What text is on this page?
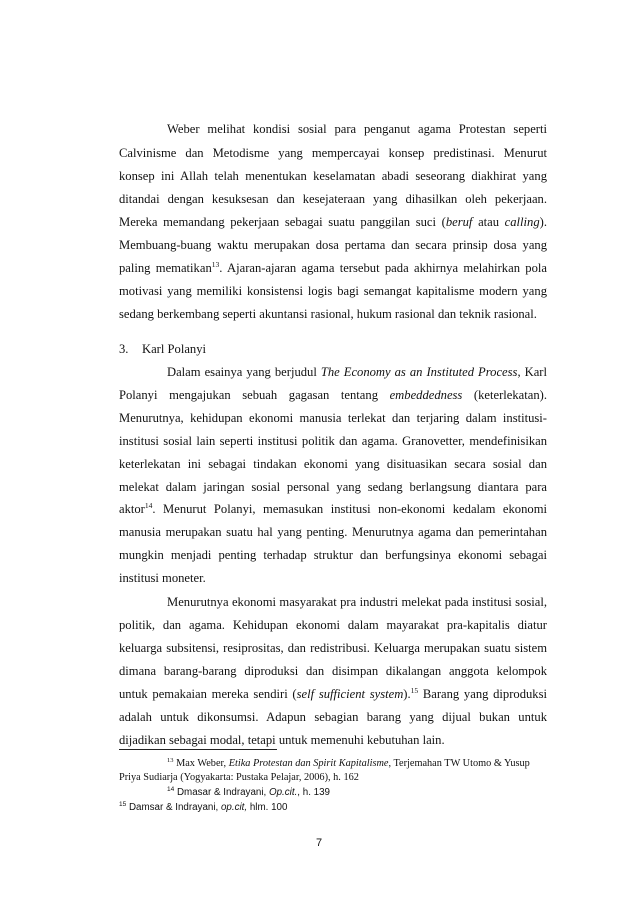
Weber melihat kondisi sosial para penganut agama Protestan seperti
Calvinisme dan Metodisme yang mempercayai konsep predistinasi. Menurut
konsep ini Allah telah menentukan keselamatan abadi seseorang diakhirat yang
ditandai dengan kesuksesan dan kesejateraan yang dihasilkan oleh pekerjaan.
Mereka memandang pekerjaan sebagai suatu panggilan suci (beruf atau calling).
Membuang-buang waktu merupakan dosa pertama dan secara prinsip dosa yang
paling mematikan$^{13}$. Ajaran-ajaran agama tersebut pada akhirnya melahirkan pola
motivasi yang memiliki konsistensi logis bagi semangat kapitalisme modern yang
sedang berkembang seperti akuntansi rasional, hukum rasional dan teknik rasional.
3. Karl Polanyi
Dalam esainya yang berjudul The Economy as an Instituted Process, Karl
Polanyi mengajukan sebuah gagasan tentang embeddedness (keterlekatan).
Menurutnya, kehidupan ekonomi manusia terlekat dan terjaring dalam institusi-
institusi sosial lain seperti institusi politik dan agama. Granovetter, mendefinisikan
keterlekatan ini sebagai tindakan ekonomi yang disituasikan secara sosial dan
melekat dalam jaringan sosial personal yang sedang berlangsung diantara para
aktor$^{14}$. Menurut Polanyi, memasukan institusi non-ekonomi kedalam ekonomi
manusia merupakan suatu hal yang penting. Menurutnya agama dan pemerintahan
mungkin menjadi penting terhadap struktur dan berfungsinya ekonomi sebagai
institusi moneter.
Menurutnya ekonomi masyarakat pra industri melekat pada institusi sosial,
politik, dan agama. Kehidupan ekonomi dalam mayarakat pra-kapitalis diatur
keluarga subsitensi, resiprositas, dan redistribusi. Keluarga merupakan suatu sistem
dimana barang-barang diproduksi dan disimpan dikalangan anggota kelompok
untuk pemakaian mereka sendiri (self sufficient system).$^{15}$ Barang yang diproduksi
adalah untuk dikonsumsi. Adapun sebagian barang yang dijual bukan untuk
dijadikan sebagai modal, tetapi untuk memenuhi kebutuhan lain.
$^{13}$ Max Weber, Etika Protestan dan Spirit Kapitalisme, Terjemahan TW Utomo & Yusup
Priya Sudiarja (Yogyakarta: Pustaka Pelajar, 2006), h. 162
$^{14}$ Dmasar & Indrayani, Op.cit., h. 139
$^{15}$ Damsar & Indrayani, op.cit, hlm. 100
7
